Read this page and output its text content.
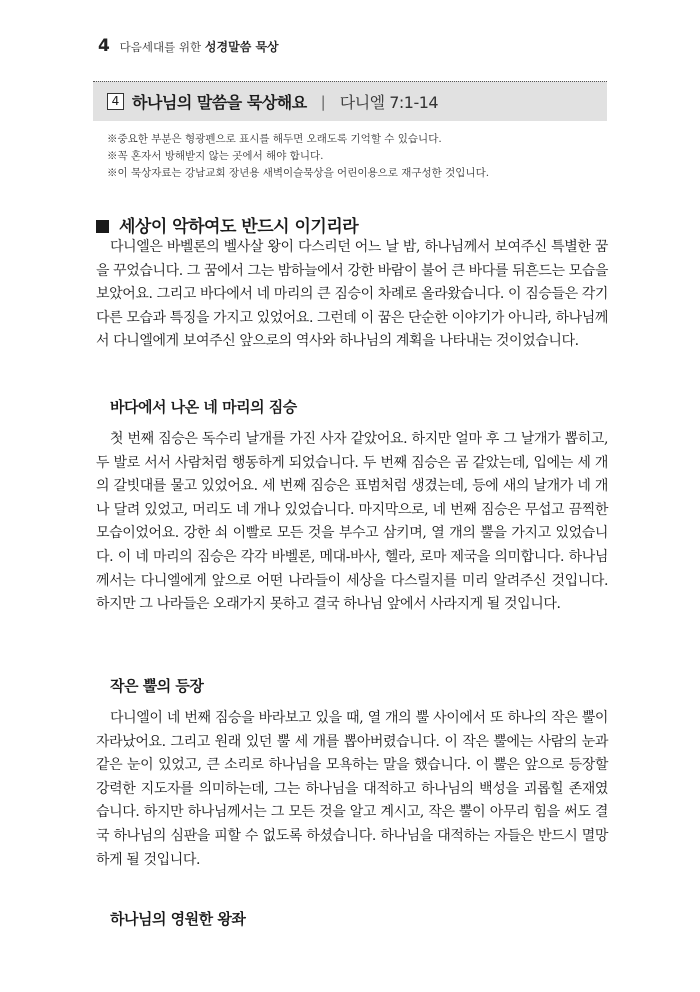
4 다음세대를 위한 성경말씀 묵상
4 하나님의 말씀을 묵상해요 | 다니엘 7:1-14
※중요한 부분은 형광펜으로 표시를 해두면 오래도록 기억할 수 있습니다.
※꼭 혼자서 방해받지 않는 곳에서 해야 합니다.
※이 묵상자료는 강남교회 장년용 새벽이슬묵상을 어린이용으로 재구성한 것입니다.
세상이 악하여도 반드시 이기리라

다니엘은 바벨론의 벨사살 왕이 다스리던 어느 날 밤, 하나님께서 보여주신 특별한 꿈을 꾸었습니다. 그 꿈에서 그는 밤하늘에서 강한 바람이 불어 큰 바다를 뒤흔드는 모습을 보았어요. 그리고 바다에서 네 마리의 큰 짐승이 차례로 올라왔습니다. 이 짐승들은 각기 다른 모습과 특징을 가지고 있었어요. 그런데 이 꿈은 단순한 이야기가 아니라, 하나님께서 다니엘에게 보여주신 앞으로의 역사와 하나님의 계획을 나타내는 것이었습니다.

바다에서 나온 네 마리의 짐승

첫 번째 짐승은 독수리 날개를 가진 사자 같았어요. 하지만 얼마 후 그 날개가 뽑히고, 두 발로 서서 사람처럼 행동하게 되었습니다. 두 번째 짐승은 곰 같았는데, 입에는 세 개의 갈빗대를 물고 있었어요. 세 번째 짐승은 표범처럼 생겼는데, 등에 새의 날개가 네 개나 달려 있었고, 머리도 네 개나 있었습니다. 마지막으로, 네 번째 짐승은 무섭고 끔찍한 모습이었어요. 강한 쇠 이빨로 모든 것을 부수고 삼키며, 열 개의 뿔을 가지고 있었습니다. 이 네 마리의 짐승은 각각 바벨론, 메대-바사, 헬라, 로마 제국을 의미합니다. 하나님께서는 다니엘에게 앞으로 어떤 나라들이 세상을 다스릴지를 미리 알려주신 것입니다. 하지만 그 나라들은 오래가지 못하고 결국 하나님 앞에서 사라지게 될 것입니다.

작은 뿔의 등장

다니엘이 네 번째 짐승을 바라보고 있을 때, 열 개의 뿔 사이에서 또 하나의 작은 뿔이 자라났어요. 그리고 원래 있던 뿔 세 개를 뽑아버렸습니다. 이 작은 뿔에는 사람의 눈과 같은 눈이 있었고, 큰 소리로 하나님을 모욕하는 말을 했습니다. 이 뿔은 앞으로 등장할 강력한 지도자를 의미하는데, 그는 하나님을 대적하고 하나님의 백성을 괴롭힐 존재였습니다. 하지만 하나님께서는 그 모든 것을 알고 계시고, 작은 뿔이 아무리 힘을 써도 결국 하나님의 심판을 피할 수 없도록 하셨습니다. 하나님을 대적하는 자들은 반드시 멸망하게 될 것입니다.

하나님의 영원한 왕좌
